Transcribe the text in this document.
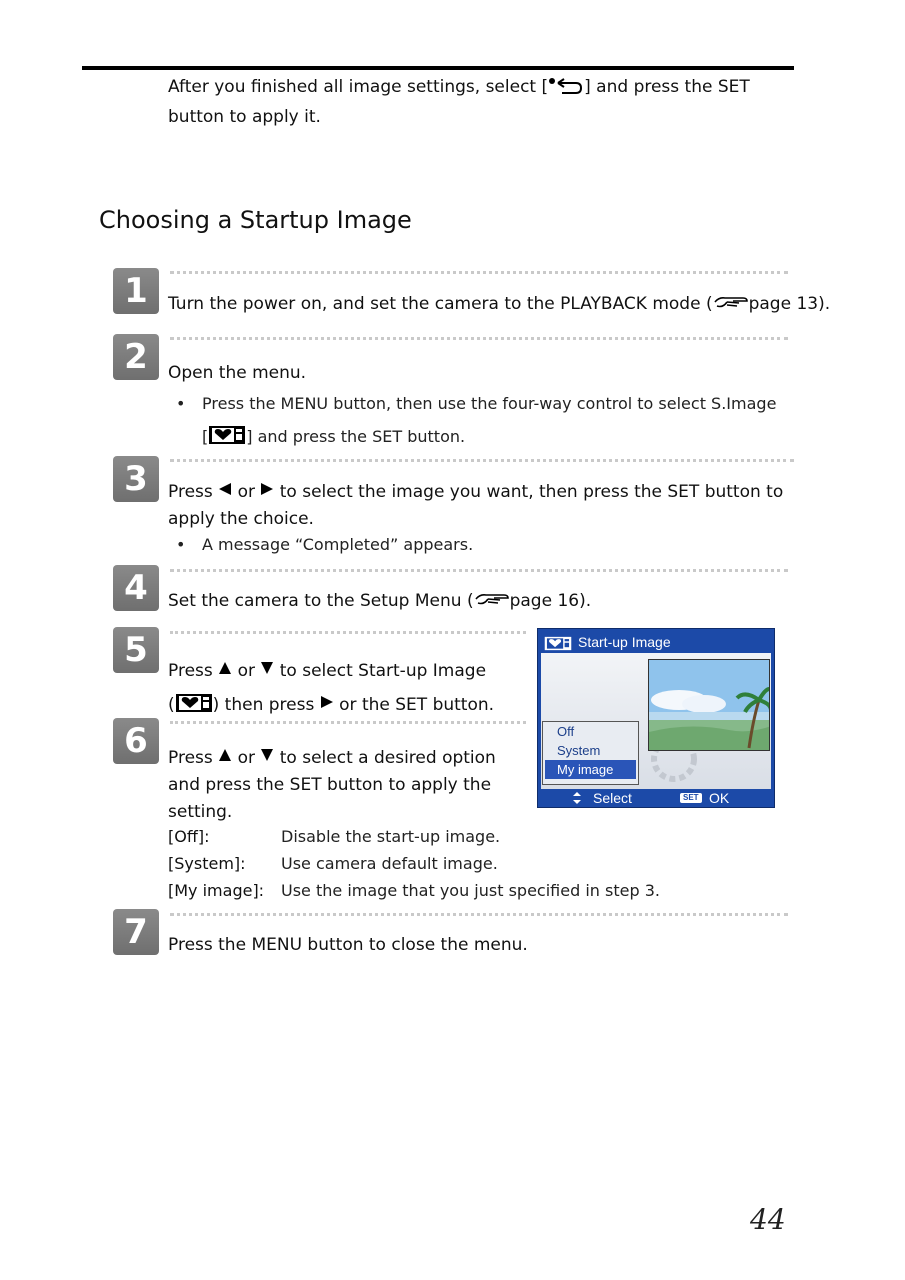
After you finished all image settings, select [ ] and press the SET button to apply it.
Choosing a Startup Image
1	Turn the power on, and set the camera to the PLAYBACK mode ( page 13).
2	Open the menu.
• Press the MENU button, then use the four-way control to select S.Image
[ ] and press the SET button.
3	Press or to select the image you want, then press the SET button to
apply the choice.
• A message “Completed” appears.
4	Set the camera to the Setup Menu ( page 16).
5
Press or to select Start-up Image
( ) then press or the SET button.
Start-up Image
Off
System
My image
Select	SET OK
6	Press or to select a desired option
and press the SET button to apply the
setting.
[Off]:	Disable the start-up image.
[System]: Use camera default image.
[My image]: Use the image that you just specified in step 3.
7	Press the MENU button to close the menu.
44
